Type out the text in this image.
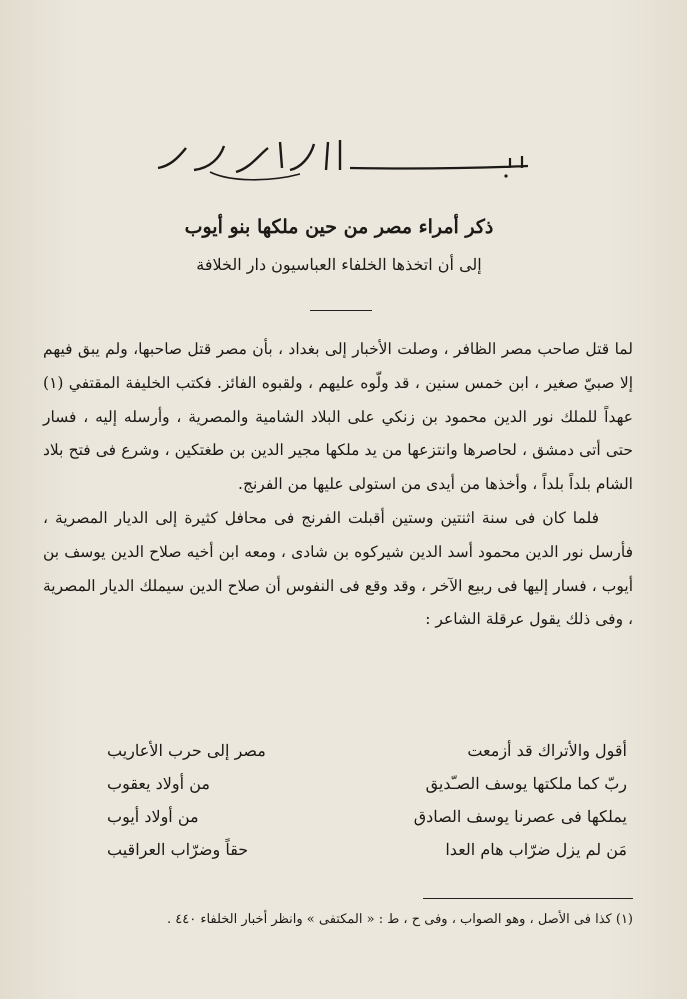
ذكر أمراء مصر من حين ملكها بنو أيوب
إلى أن اتخذها الخلفاء العباسيون دار الخلافة

لما قتل صاحب مصر الظافر ، وصلت الأخبار إلى بغداد ، بأن مصر قتل صاحبها، ولم يبق فيهم إلا صبيّ صغير ، ابن خمس سنين ، قد ولّوه عليهم ، ولقبوه الفائز. فكتب الخليفة المقتفي (١) عهداً للملك نور الدين محمود بن زنكي على البلاد الشامية والمصرية ، وأرسله إليه ، فسار حتى أتى دمشق ، لحاصرها وانتزعها من يد ملكها مجير الدين بن طغتكين ، وشرع فى فتح بلاد الشام بلداً بلداً ، وأخذها من أيدى من استولى عليها من الفرنج.

فلما كان فى سنة اثنتين وستين أقبلت الفرنج فى محافل كثيرة إلى الديار المصرية ، فأرسل نور الدين محمود أسد الدين شيركوه بن شادى ، ومعه ابن أخيه صلاح الدين يوسف بن أيوب ، فسار إليها فى ربيع الآخر ، وقد وقع فى النفوس أن صلاح الدين سيملك الديار المصرية ، وفى ذلك يقول عرقلة الشاعر :

أقول والأتراك قد أزمعت
مصر إلى حرب الأعاريب
ربّ كما ملكتها يوسف الصـّديق
من أولاد يعقوب
يملكها فى عصرنا يوسف الصادق
من أولاد أيوب
مَن لم يزل ضرّاب هام العدا
حقاً وضرّاب العراقيب
(١) كذا فى الأصل ، وهو الصواب ، وفى ح ، ط : « المكتفى » وانظر أخبار الخلفاء ٤٤٠ .
